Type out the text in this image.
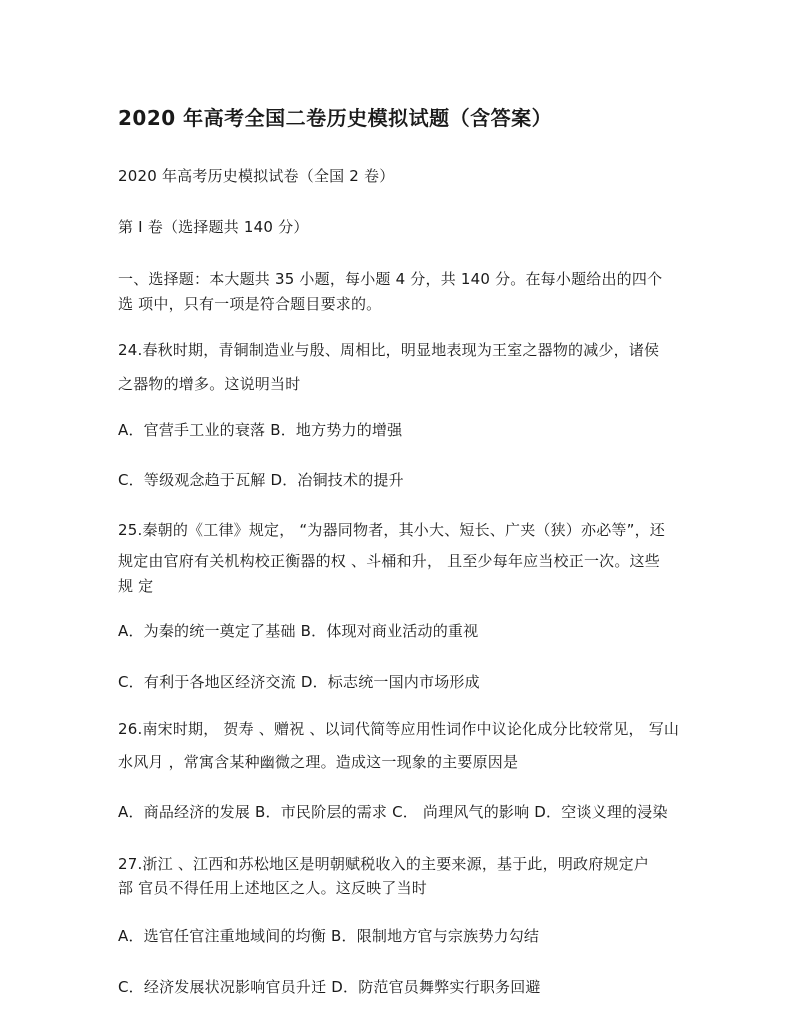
2020 年高考全国二卷历史模拟试题（含答案）
2020 年高考历史模拟试卷（全国 2 卷）
第 I 卷（选择题共 140 分）
一、选择题：本大题共 35 小题，每小题 4 分，共 140 分。在每小题给出的四个
选 项中，只有一项是符合题目要求的。
24.春秋时期，青铜制造业与殷、周相比，明显地表现为王室之器物的减少，诸侯
之器物的增多。这说明当时
A．官营手工业的衰落 B．地方势力的增强
C．等级观念趋于瓦解 D．冶铜技术的提升
25.秦朝的《工律》规定， “为器同物者，其小大、短长、广夹（狭）亦必等”，还
规定由官府有关机构校正衡器的权 、斗桶和升， 且至少每年应当校正一次。这些
规 定
A．为秦的统一奠定了基础 B．体现对商业活动的重视
C．有利于各地区经济交流 D．标志统一国内市场形成
26.南宋时期， 贺寿 、赠祝 、以词代简等应用性词作中议论化成分比较常见， 写山
水风月 ，常寓含某种幽微之理。造成这一现象的主要原因是
A．商品经济的发展 B．市民阶层的需求 C． 尚理风气的影响 D．空谈义理的浸染
27.浙江 、江西和苏松地区是明朝赋税收入的主要来源，基于此，明政府规定户
部 官员不得任用上述地区之人。这反映了当时
A．选官任官注重地域间的均衡 B．限制地方官与宗族势力勾结
C．经济发展状况影响官员升迁 D．防范官员舞弊实行职务回避
